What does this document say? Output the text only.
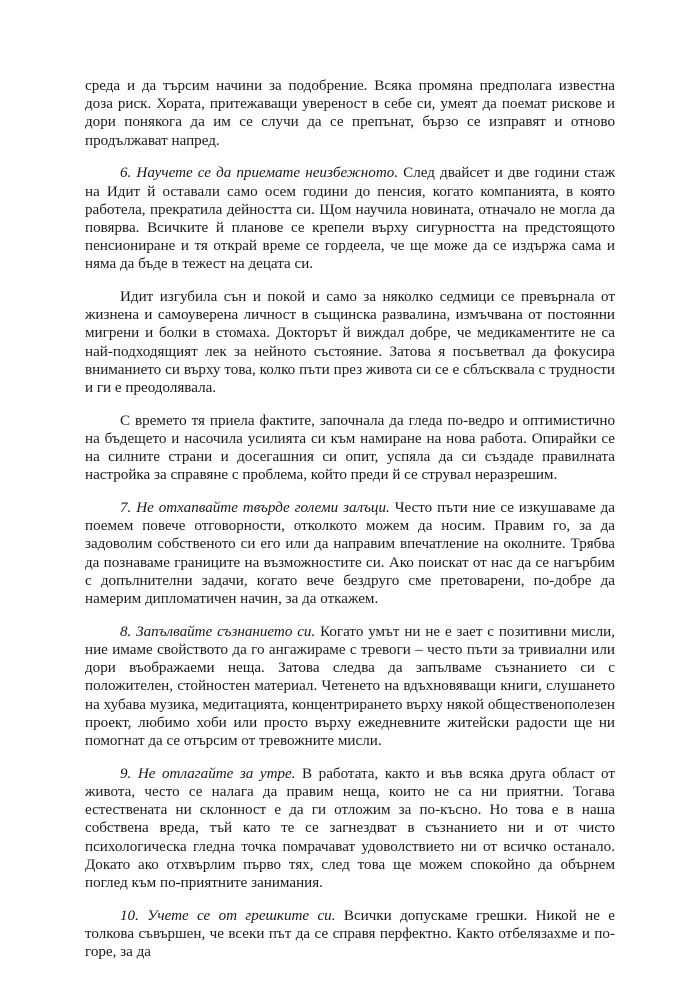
среда и да търсим начини за подобрение. Всяка промяна предполага известна доза риск. Хората, притежаващи увереност в себе си, умеят да поемат рисковe и дори понякога да им се случи да се препънат, бързо се изправят и отново продължават напред.

6. Научете се да приемате неизбежното. След двайсет и две години стаж на Идит й оставали само осем години до пенсия, когато компанията, в която работела, прекратила дейността си. Щом научила новината, отначало не могла да повярва. Всичките й планове се крепели върху сигурността на предстоящото пенсиониране и тя открай време се гордеела, че ще може да се издържа сама и няма да бъде в тежест на децата си.

Идит изгубила сън и покой и само за няколко седмици се превърнала от жизнена и самоуверена личност в същинска развалина, измъчвана от постоянни мигрени и болки в стомаха. Докторът й виждал добре, че медикаментите не са най-подходящият лек за нейното състояние. Затова я посъветвал да фокусира вниманието си върху това, колко пъти през живота си се е сблъсквала с трудности и ги е преодолявала.

С времето тя приела фактите, започнала да гледа по-ведро и оптимистично на бъдещето и насочила усилията си към намиране на нова работа. Опирайки се на силните страни и досегашния си опит, успяла да си създаде правилната настройка за справяне с проблема, който преди й се струвал неразрешим.

7. Не отхапвайте твърде големи залъци. Често пъти ние се изкушаваме да поемем повече отговорности, отколкото можем да носим. Правим го, за да задоволим собственото си его или да направим впечатление на околните. Трябва да познаваме границите на възможностите си. Ако поискат от нас да се нагърбим с допълнителни задачи, когато вече бездруго сме претоварени, по-добре да намерим дипломатичен начин, за да откажем.

8. Запълвайте съзнанието си. Когато умът ни не е зает с позитивни мисли, ние имаме свойството да го ангажираме с тревоги – често пъти за тривиални или дори въображаеми неща. Затова следва да запълваме съзнанието си с положителен, стойностен материал. Четенето на вдъхновяващи книги, слушането на хубава музика, медитацията, концентрирането върху някой общественополезен проект, любимо хоби или просто върху ежедневните житейски радости ще ни помогнат да се отърсим от тревожните мисли.

9. Не отлагайте за утре. В работата, както и във всяка друга област от живота, често се налага да правим неща, които не са ни приятни. Тогава естествената ни склонност е да ги отложим за по-късно. Но това е в наша собствена вреда, тъй като те се загнездват в съзнанието ни и от чисто психологическа гледна точка помрачават удоволствието ни от всичко останало. Докато ако отхвърлим първо тях, след това ще можем спокойно да обърнем поглед към по-приятните занимания.

10. Учете се от грешките си. Всички допускаме грешки. Никой не е толкова съвършен, че всеки път да се справя перфектно. Както отбелязахме и по-горе, за да
